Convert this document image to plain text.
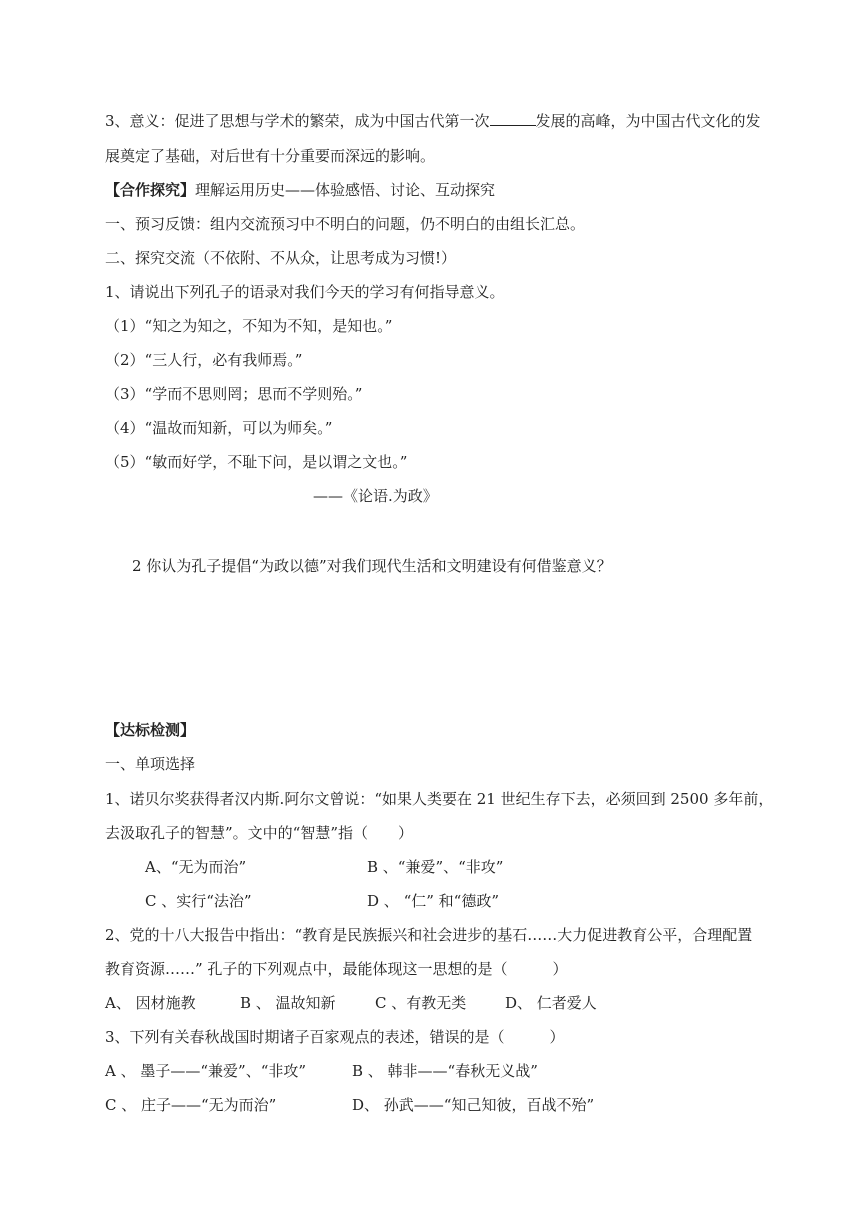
3、意义：促进了思想与学术的繁荣，成为中国古代第一次	发展的高峰，为中国古代文化的发
展奠定了基础，对后世有十分重要而深远的影响。
【合作探究】理解运用历史——体验感悟、讨论、互动探究
一、预习反馈：组内交流预习中不明白的问题，仍不明白的由组长汇总。
二、探究交流（不依附、不从众，让思考成为习惯!）
1、请说出下列孔子的语录对我们今天的学习有何指导意义。
（1）“知之为知之，不知为不知，是知也。”
（2）“三人行，必有我师焉。”
（3）“学而不思则罔；思而不学则殆。”
（4）“温故而知新，可以为师矣。”
（5）“敏而好学，不耻下问，是以谓之文也。”
——《论语.为政》
2 你认为孔子提倡“为政以德”对我们现代生活和文明建设有何借鉴意义？
【达标检测】
一、单项选择
1、诺贝尔奖获得者汉内斯.阿尔文曾说：“如果人类要在 21 世纪生存下去，必须回到 2500 多年前，
去汲取孔子的智慧”。文中的“智慧”指（　　）
A、“无为而治”	B 、“兼爱”、“非攻”
C 、实行“法治”	D 、 “仁” 和“德政”
2、党的十八大报告中指出：“教育是民族振兴和社会进步的基石……大力促进教育公平，合理配置
教育资源……” 孔子的下列观点中，最能体现这一思想的是（　　　）
A、 因材施教	B 、 温故知新	C 、有教无类	D、 仁者爱人
3、下列有关春秋战国时期诸子百家观点的表述，错误的是（　　　）
A 、 墨子——“兼爱”、“非攻”	B 、 韩非——“春秋无义战”
C 、 庄子——“无为而治”	D、 孙武——“知己知彼，百战不殆”
